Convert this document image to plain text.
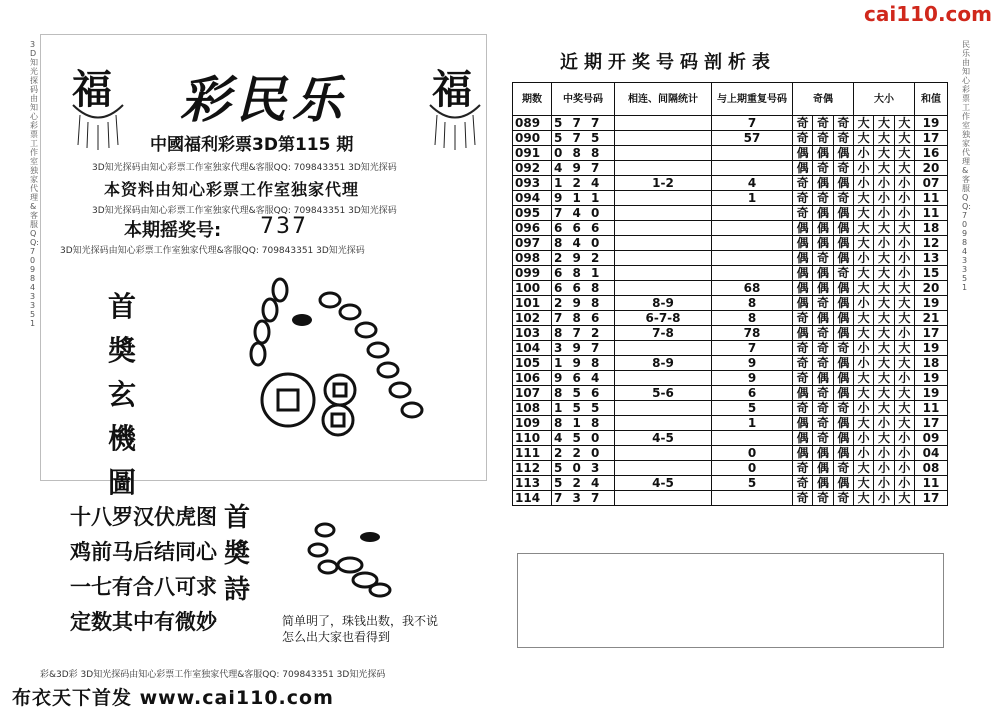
cai110.com
3D知光探码由知心彩票工作室独家代理&客服QQ:709843351
民乐由知心彩票工作室独家代理&客服QQ:709843351
福	福
彩民乐
中國福利彩票3D第115 期
3D知光探码由知心彩票工作室独家代理&客服QQ: 709843351 3D知光探码
本资料由知心彩票工作室独家代理
3D知光探码由知心彩票工作室独家代理&客服QQ: 709843351 3D知光探码
本期摇奖号: 737
3D知光探码由知心彩票工作室独家代理&客服QQ: 709843351 3D知光探码
首
奬
玄
機
圖
十八罗汉伏虎图
鸡前马后结同心
一七有合八可求
定数其中有微妙
首
奬
詩
简单明了，珠钱出数，我不说
怎么出大家也看得到
彩&3D彩 3D知光探码由知心彩票工作室独家代理&客服QQ: 709843351 3D知光探码
近期开奖号码剖析表
期数	中奖号码	相连、间隔统计	与上期重复号码	奇偶			大小			和值
089	5 7 7		7	奇	奇	奇	大	大	大	19
090	5 7 5		57	奇	奇	奇	大	大	大	17
091	0 8 8			偶	偶	偶	小	大	大	16
092	4 9 7			偶	奇	奇	小	大	大	20
093	1 2 4	1-2	4	奇	偶	偶	小	小	小	07
094	9 1 1		1	奇	奇	奇	大	小	小	11
095	7 4 0			奇	偶	偶	大	小	小	11
096	6 6 6			偶	偶	偶	大	大	大	18
097	8 4 0			偶	偶	偶	大	小	小	12
098	2 9 2			偶	奇	偶	小	大	小	13
099	6 8 1			偶	偶	奇	大	大	小	15
100	6 6 8		68	偶	偶	偶	大	大	大	20
101	2 9 8	8-9	8	偶	奇	偶	小	大	大	19
102	7 8 6	6-7-8	8	奇	偶	偶	大	大	大	21
103	8 7 2	7-8	78	偶	奇	偶	大	大	小	17
104	3 9 7		7	奇	奇	奇	小	大	大	19
105	1 9 8	8-9	9	奇	奇	偶	小	大	大	18
106	9 6 4		9	奇	偶	偶	大	大	小	19
107	8 5 6	5-6	6	偶	奇	偶	大	大	大	19
108	1 5 5		5	奇	奇	奇	小	大	大	11
109	8 1 8		1	偶	奇	偶	大	小	大	17
110	4 5 0	4-5		偶	奇	偶	小	大	小	09
111	2 2 0		0	偶	偶	偶	小	小	小	04
112	5 0 3		0	奇	偶	奇	大	小	小	08
113	5 2 4	4-5	5	奇	偶	偶	大	小	小	11
114	7 3 7			奇	奇	奇	大	小	大	17
布衣天下首发 www.cai110.com
